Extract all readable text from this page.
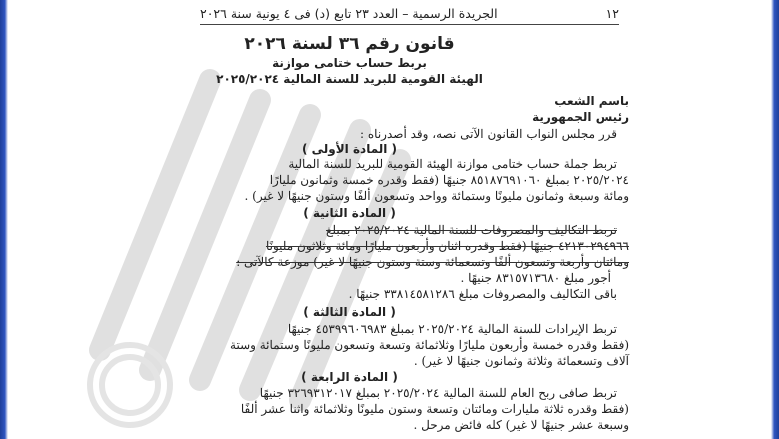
١٢
الجريدة الرسمية – العدد ٢٣ تابع (د) فى ٤ يونية سنة ٢٠٢٦
قانون رقم ٣٦ لسنة ٢٠٢٦
بربط حساب ختامى موازنة
الهيئة القومية للبريد للسنة المالية ٢٠٢٥/٢٠٢٤
باسم الشعب
رئيس الجمهورية
قرر مجلس النواب القانون الآتى نصه، وقد أصدرناه :
( المادة الأولى )
تربط جملة حساب ختامى موازنة الهيئة القومية للبريد للسنة المالية
٢٠٢٥/٢٠٢٤ بمبلغ ٨٥١٨٧٦٩١٠٦٠ جنيهًا (فقط وقدره خمسة وثمانون مليارًا
ومائة وسبعة وثمانون مليونًا وستمائة وواحد وتسعون ألفًا وستون جنيهًا لا غير) .
( المادة الثانية )
تربط التكاليف والمصروفات للسنة المالية ٢٠٢٥/٢٠٢٤ بمبلغ
٤٢١٣٠٢٩٤٩٦٦ جنيهًا (فقط وقدره اثنان وأربعون مليارًا ومائة وثلاثون مليونًا
ومائتان وأربعة وتسعون ألفًا وتسعمائة وستة وستون جنيهًا لا غير) موزعة كالآتى :
أجور مبلغ ٨٣١٥٧١٣٦٨٠ جنيهًا .
باقى التكاليف والمصروفات مبلغ ٣٣٨١٤٥٨١٢٨٦ جنيهًا .
( المادة الثالثة )
تربط الإيرادات للسنة المالية ٢٠٢٥/٢٠٢٤ بمبلغ ٤٥٣٩٩٦٠٦٩٨٣ جنيهًا
(فقط وقدره خمسة وأربعون مليارًا وثلاثمائة وتسعة وتسعون مليونًا وستمائة وستة
آلاف وتسعمائة وثلاثة وثمانون جنيهًا لا غير) .
( المادة الرابعة )
تربط صافى ربح العام للسنة المالية ٢٠٢٥/٢٠٢٤ بمبلغ ٣٢٦٩٣١٢٠١٧ جنيهًا
(فقط وقدره ثلاثة مليارات ومائتان وتسعة وستون مليونًا وثلاثمائة واثنا عشر ألفًا
وسبعة عشر جنيهًا لا غير) كله فائض مرحل .
